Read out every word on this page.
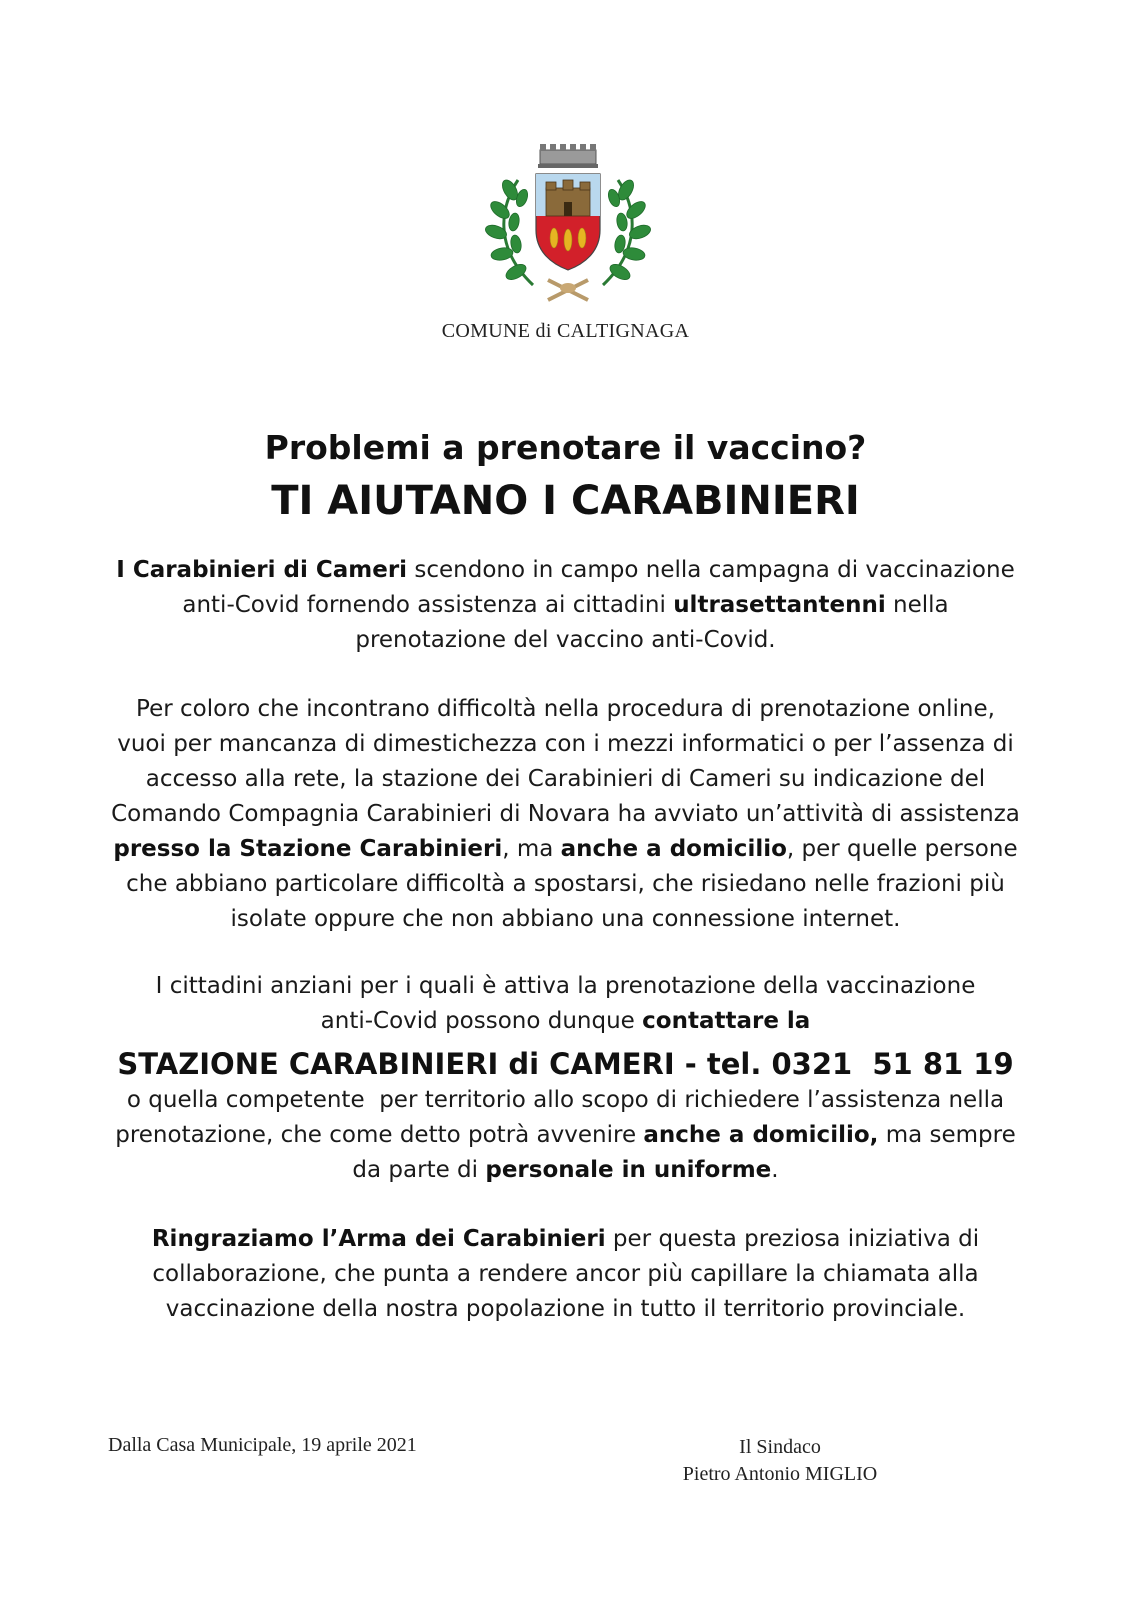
COMUNE di CALTIGNAGA
Problemi a prenotare il vaccino?
TI AIUTANO I CARABINIERI
I Carabinieri di Cameri scendono in campo nella campagna di vaccinazione
anti-Covid fornendo assistenza ai cittadini ultrasettantenni nella
prenotazione del vaccino anti-Covid.
Per coloro che incontrano difficoltà nella procedura di prenotazione online,
vuoi per mancanza di dimestichezza con i mezzi informatici o per l’assenza di
accesso alla rete, la stazione dei Carabinieri di Cameri su indicazione del
Comando Compagnia Carabinieri di Novara ha avviato un’attività di assistenza
presso la Stazione Carabinieri, ma anche a domicilio, per quelle persone
che abbiano particolare difficoltà a spostarsi, che risiedano nelle frazioni più
isolate oppure che non abbiano una connessione internet.
I cittadini anziani per i quali è attiva la prenotazione della vaccinazione
anti-Covid possono dunque contattare la
STAZIONE CARABINIERI di CAMERI - tel. 0321  51 81 19
o quella competente  per territorio allo scopo di richiedere l’assistenza nella
prenotazione, che come detto potrà avvenire anche a domicilio, ma sempre
da parte di personale in uniforme.
Ringraziamo l’Arma dei Carabinieri per questa preziosa iniziativa di
collaborazione, che punta a rendere ancor più capillare la chiamata alla
vaccinazione della nostra popolazione in tutto il territorio provinciale.
Dalla Casa Municipale, 19 aprile 2021	Il Sindaco
Pietro Antonio MIGLIO
